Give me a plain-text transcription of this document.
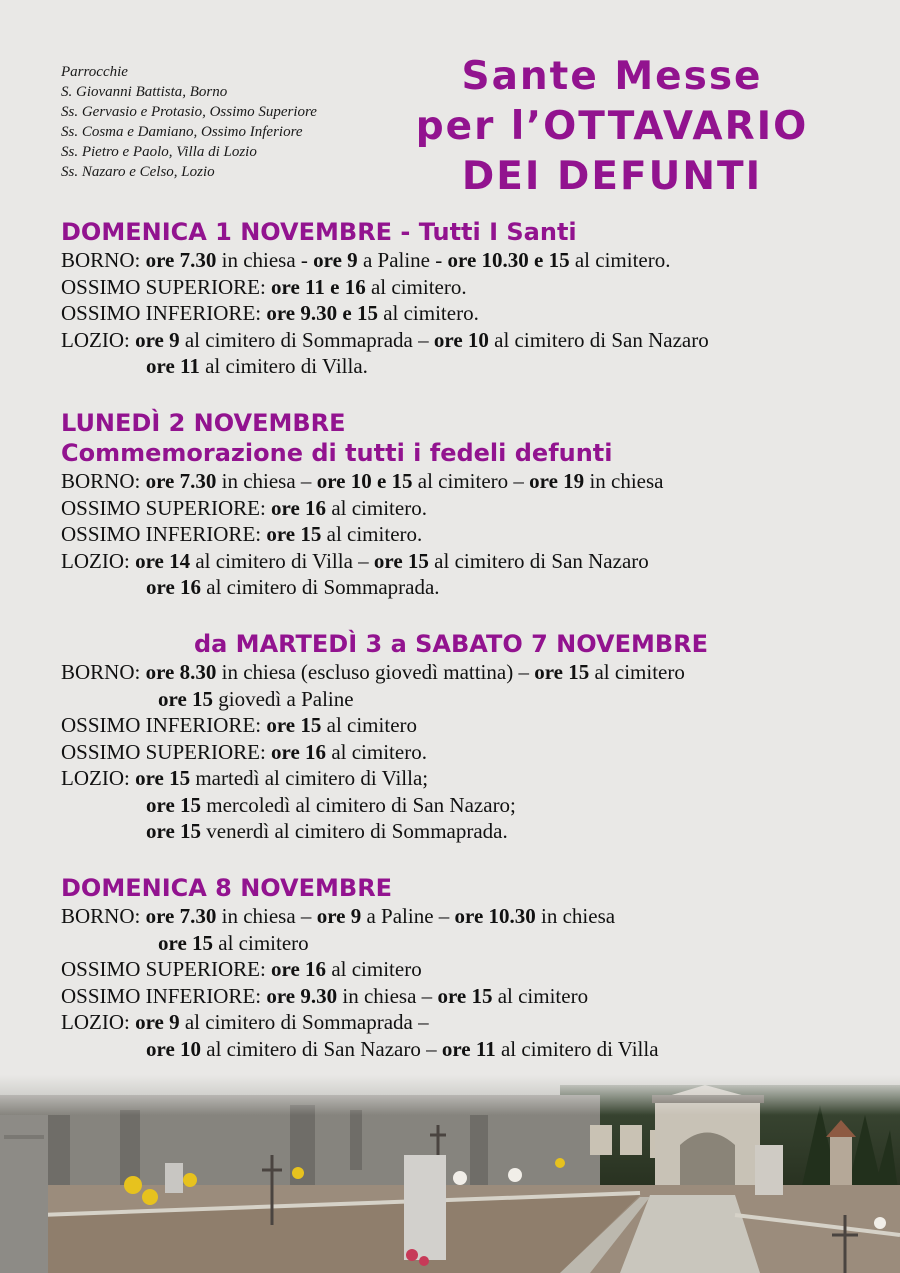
Parrocchie
S. Giovanni Battista, Borno
Ss. Gervasio e Protasio, Ossimo Superiore
Ss. Cosma e Damiano, Ossimo Inferiore
Ss. Pietro e Paolo, Villa di Lozio
Ss. Nazaro e Celso, Lozio
Sante Messe
per l’OTTAVARIO
DEI DEFUNTI
DOMENICA 1 NOVEMBRE - Tutti I Santi
BORNO: ore 7.30 in chiesa - ore 9 a Paline - ore 10.30 e 15 al cimitero.
OSSIMO SUPERIORE: ore 11 e 16 al cimitero.
OSSIMO INFERIORE: ore 9.30 e 15 al cimitero.
LOZIO: ore 9 al cimitero di Sommaprada – ore 10 al cimitero di San Nazaro
ore 11 al cimitero di Villa.
LUNEDÌ 2 NOVEMBRE
Commemorazione di tutti i fedeli defunti
BORNO: ore 7.30 in chiesa – ore 10 e 15 al cimitero – ore 19 in chiesa
OSSIMO SUPERIORE: ore 16 al cimitero.
OSSIMO INFERIORE: ore 15 al cimitero.
LOZIO: ore 14 al cimitero di Villa – ore 15 al cimitero di San Nazaro
ore 16 al cimitero di Sommaprada.
da MARTEDÌ 3 a SABATO 7 NOVEMBRE
BORNO: ore 8.30 in chiesa (escluso giovedì mattina) – ore 15 al cimitero
ore 15 giovedì a Paline
OSSIMO INFERIORE: ore 15 al cimitero
OSSIMO SUPERIORE: ore 16 al cimitero.
LOZIO: ore 15 martedì al cimitero di Villa;
ore 15 mercoledì al cimitero di San Nazaro;
ore 15 venerdì al cimitero di Sommaprada.
DOMENICA 8 NOVEMBRE
BORNO: ore 7.30 in chiesa – ore 9 a Paline – ore 10.30 in chiesa
ore 15 al cimitero
OSSIMO SUPERIORE: ore 16 al cimitero
OSSIMO INFERIORE: ore 9.30 in chiesa – ore 15 al cimitero
LOZIO: ore 9 al cimitero di Sommaprada –
ore 10 al cimitero di San Nazaro – ore 11 al cimitero di Villa
